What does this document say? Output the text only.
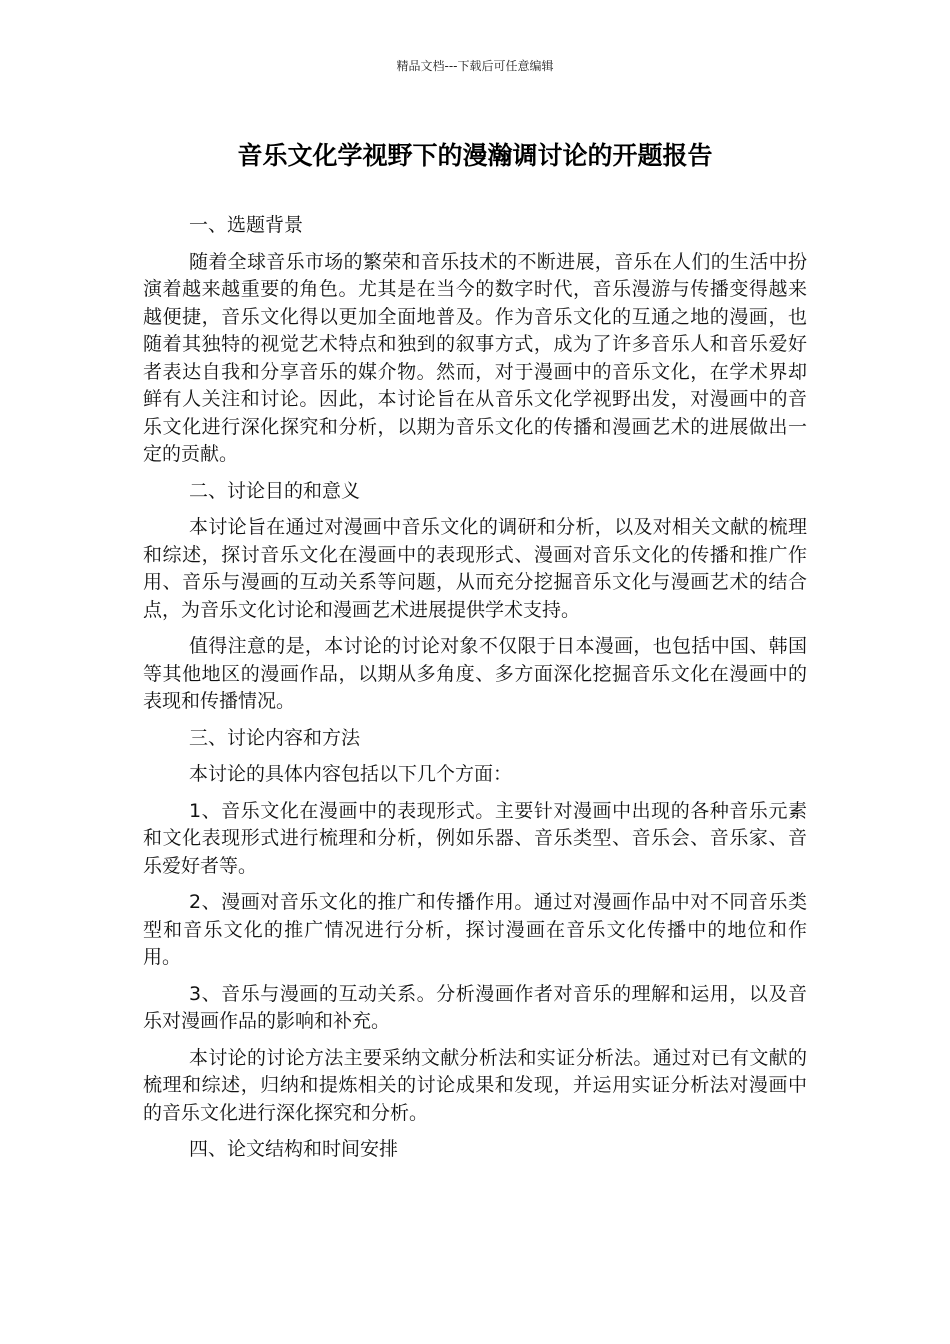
精品文档---下载后可任意编辑
音乐文化学视野下的漫瀚调讨论的开题报告

一、选题背景

随着全球音乐市场的繁荣和音乐技术的不断进展，音乐在人们的生活中扮演着越来越重要的角色。尤其是在当今的数字时代，音乐漫游与传播变得越来越便捷，音乐文化得以更加全面地普及。作为音乐文化的互通之地的漫画，也随着其独特的视觉艺术特点和独到的叙事方式，成为了许多音乐人和音乐爱好者表达自我和分享音乐的媒介物。然而，对于漫画中的音乐文化，在学术界却鲜有人关注和讨论。因此，本讨论旨在从音乐文化学视野出发，对漫画中的音乐文化进行深化探究和分析，以期为音乐文化的传播和漫画艺术的进展做出一定的贡献。

二、讨论目的和意义

本讨论旨在通过对漫画中音乐文化的调研和分析，以及对相关文献的梳理和综述，探讨音乐文化在漫画中的表现形式、漫画对音乐文化的传播和推广作用、音乐与漫画的互动关系等问题，从而充分挖掘音乐文化与漫画艺术的结合点，为音乐文化讨论和漫画艺术进展提供学术支持。

值得注意的是，本讨论的讨论对象不仅限于日本漫画，也包括中国、韩国等其他地区的漫画作品，以期从多角度、多方面深化挖掘音乐文化在漫画中的表现和传播情况。

三、讨论内容和方法

本讨论的具体内容包括以下几个方面：

1、音乐文化在漫画中的表现形式。主要针对漫画中出现的各种音乐元素和文化表现形式进行梳理和分析，例如乐器、音乐类型、音乐会、音乐家、音乐爱好者等。

2、漫画对音乐文化的推广和传播作用。通过对漫画作品中对不同音乐类型和音乐文化的推广情况进行分析，探讨漫画在音乐文化传播中的地位和作用。

3、音乐与漫画的互动关系。分析漫画作者对音乐的理解和运用，以及音乐对漫画作品的影响和补充。

本讨论的讨论方法主要采纳文献分析法和实证分析法。通过对已有文献的梳理和综述，归纳和提炼相关的讨论成果和发现，并运用实证分析法对漫画中的音乐文化进行深化探究和分析。

四、论文结构和时间安排
